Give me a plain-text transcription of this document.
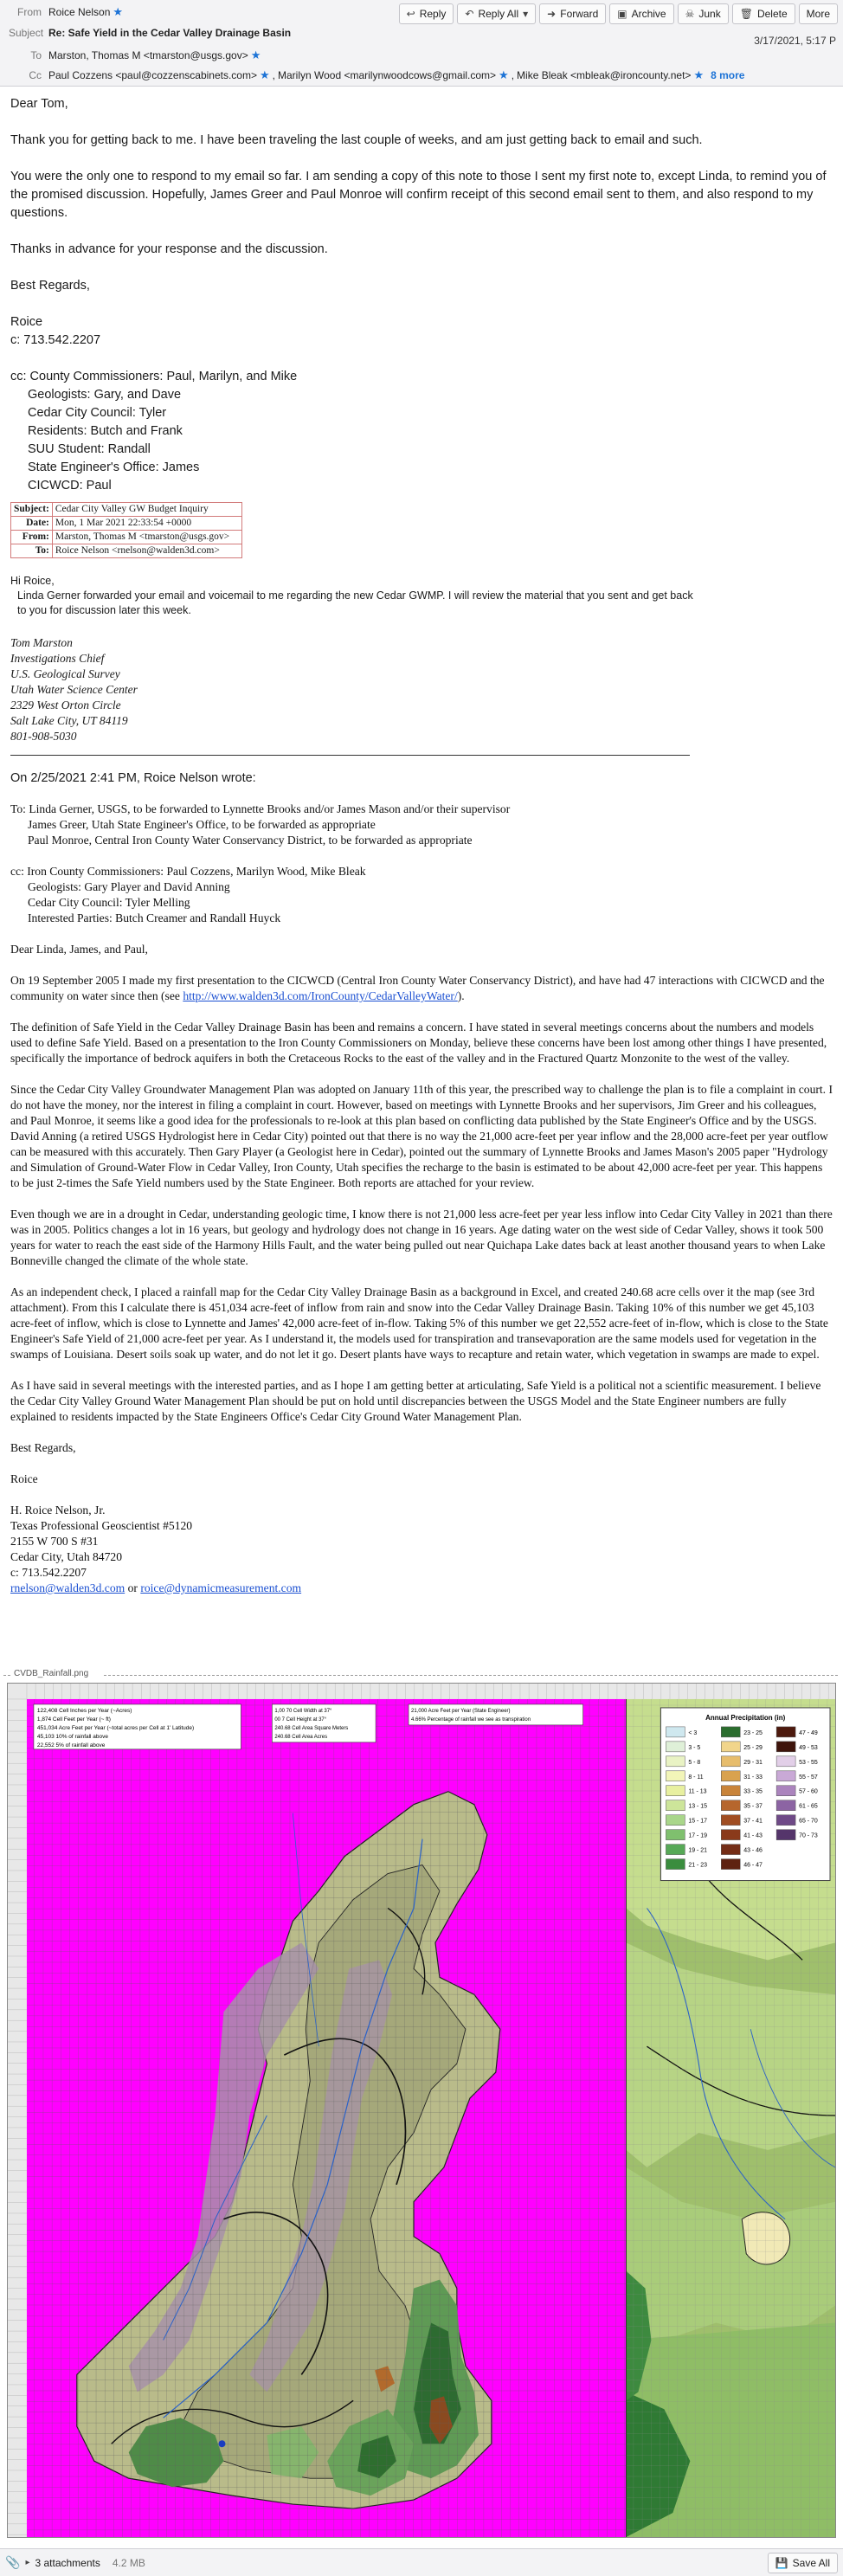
From Roice Nelson ★
Subject Re: Safe Yield in the Cedar Valley Drainage Basin
To Marston, Thomas M <tmarston@usgs.gov> ★
Cc Paul Cozzens <paul@cozzenscabinets.com> ★ , Marilyn Wood <marilynwoodcows@gmail.com> ★ , Mike Bleak <mbleak@ironcounty.net> ★ 8 more
↩ Reply ↶ Reply All ▾ ➜ Forward ▣ Archive ☠ Junk 🗑 Delete More
3/17/2021, 5:17 P
Dear Tom,
Thank you for getting back to me. I have been traveling the last couple of weeks, and am just getting back to email and such.
You were the only one to respond to my email so far. I am sending a copy of this note to those I sent my first note to, except Linda, to remind you of the promised discussion. Hopefully, James Greer and Paul Monroe will confirm receipt of this second email sent to them, and also respond to my questions.
Thanks in advance for your response and the discussion.
Best Regards,
Roice
c: 713.542.2207
cc: County Commissioners: Paul, Marilyn, and Mike
Geologists: Gary, and Dave
Cedar City Council: Tyler
Residents: Butch and Frank
SUU Student: Randall
State Engineer's Office: James
CICWCD: Paul
Subject:	Cedar City Valley GW Budget Inquiry
Date:	Mon, 1 Mar 2021 22:33:54 +0000
From:	Marston, Thomas M <tmarston@usgs.gov>
To:	Roice Nelson <rnelson@walden3d.com>
Hi Roice,
Linda Gerner forwarded your email and voicemail to me regarding the new Cedar GWMP. I will review the material that you sent and get back to you for discussion later this week.
Tom Marston
Investigations Chief
U.S. Geological Survey
Utah Water Science Center
2329 West Orton Circle
Salt Lake City, UT 84119
801-908-5030
On 2/25/2021 2:41 PM, Roice Nelson wrote:
To: Linda Gerner, USGS, to be forwarded to Lynnette Brooks and/or James Mason and/or their supervisor
James Greer, Utah State Engineer's Office, to be forwarded as appropriate
Paul Monroe, Central Iron County Water Conservancy District, to be forwarded as appropriate
cc: Iron County Commissioners: Paul Cozzens, Marilyn Wood, Mike Bleak
Geologists: Gary Player and David Anning
Cedar City Council: Tyler Melling
Interested Parties: Butch Creamer and Randall Huyck
Dear Linda, James, and Paul,
On 19 September 2005 I made my first presentation to the CICWCD (Central Iron County Water Conservancy District), and have had 47 interactions with CICWCD and the community on water since then (see http://www.walden3d.com/IronCounty/CedarValleyWater/).
The definition of Safe Yield in the Cedar Valley Drainage Basin has been and remains a concern. I have stated in several meetings concerns about the numbers and models used to define Safe Yield. Based on a presentation to the Iron County Commissioners on Monday, believe these concerns have been lost among other things I have presented, specifically the importance of bedrock aquifers in both the Cretaceous Rocks to the east of the valley and in the Fractured Quartz Monzonite to the west of the valley.
Since the Cedar City Valley Groundwater Management Plan was adopted on January 11th of this year, the prescribed way to challenge the plan is to file a complaint in court. I do not have the money, nor the interest in filing a complaint in court. However, based on meetings with Lynnette Brooks and her supervisors, Jim Greer and his colleagues, and Paul Monroe, it seems like a good idea for the professionals to re-look at this plan based on conflicting data published by the State Engineer's Office and by the USGS. David Anning (a retired USGS Hydrologist here in Cedar City) pointed out that there is no way the 21,000 acre-feet per year inflow and the 28,000 acre-feet per year outflow can be measured with this accurately. Then Gary Player (a Geologist here in Cedar), pointed out the summary of Lynnette Brooks and James Mason's 2005 paper "Hydrology and Simulation of Ground-Water Flow in Cedar Valley, Iron County, Utah specifies the recharge to the basin is estimated to be about 42,000 acre-feet per year. This happens to be just 2-times the Safe Yield numbers used by the State Engineer. Both reports are attached for your review.
Even though we are in a drought in Cedar, understanding geologic time, I know there is not 21,000 less acre-feet per year less inflow into Cedar City Valley in 2021 than there was in 2005. Politics changes a lot in 16 years, but geology and hydrology does not change in 16 years. Age dating water on the west side of Cedar Valley, shows it took 500 years for water to reach the east side of the Harmony Hills Fault, and the water being pulled out near Quichapa Lake dates back at least another thousand years to when Lake Bonneville changed the climate of the whole state.
As an independent check, I placed a rainfall map for the Cedar City Valley Drainage Basin as a background in Excel, and created 240.68 acre cells over it the map (see 3rd attachment). From this I calculate there is 451,034 acre-feet of inflow from rain and snow into the Cedar Valley Drainage Basin. Taking 10% of this number we get 45,103 acre-feet of inflow, which is close to Lynnette and James' 42,000 acre-feet of in-flow. Taking 5% of this number we get 22,552 acre-feet of in-flow, which is close to the State Engineer's Safe Yield of 21,000 acre-feet per year. As I understand it, the models used for transpiration and transevaporation are the same models used for vegetation in the swamps of Louisiana. Desert soils soak up water, and do not let it go. Desert plants have ways to recapture and retain water, which vegetation in swamps are made to expel.
As I have said in several meetings with the interested parties, and as I hope I am getting better at articulating, Safe Yield is a political not a scientific measurement. I believe the Cedar City Valley Ground Water Management Plan should be put on hold until discrepancies between the USGS Model and the State Engineer numbers are fully explained to residents impacted by the State Engineers Office's Cedar City Ground Water Management Plan.
Best Regards,
Roice
H. Roice Nelson, Jr.
Texas Professional Geoscientist #5120
2155 W 700 S #31
Cedar City, Utah 84720
c: 713.542.2207
rnelson@walden3d.com or roice@dynamicmeasurement.com
CVDB_Rainfall.png
122,408 Cell Inches per Year (~Acres)
1,874 Cell Feet per Year (~ ft)
451,034 Acre Feet per Year (~total acres per Cell at 1' Latitude)
45,103 10% of rainfall above
22,552 5% of rainfall above
1,00 70 Cell Width at 37°
00 7 Cell Height at 37°
240.68 Cell Area Square Meters
240.68 Cell Area Acres
21,000 Acre Feet per Year (State Engineer)
4.66% Percentage of rainfall we see as transpiration	Annual Precipitation (in)
< 3
3 - 5
5 - 8
8 - 11
11 - 13
13 - 15
15 - 17
17 - 19
19 - 21
21 - 23
23 - 25
25 - 29
29 - 31
31 - 33
33 - 35
35 - 37
37 - 41
41 - 43
43 - 46
46 - 47
47 - 49
49 - 53
53 - 55
55 - 57
57 - 60
61 - 65
65 - 70
70 - 73
📎 ▸ 3 attachments 4.2 MB	💾 Save All
